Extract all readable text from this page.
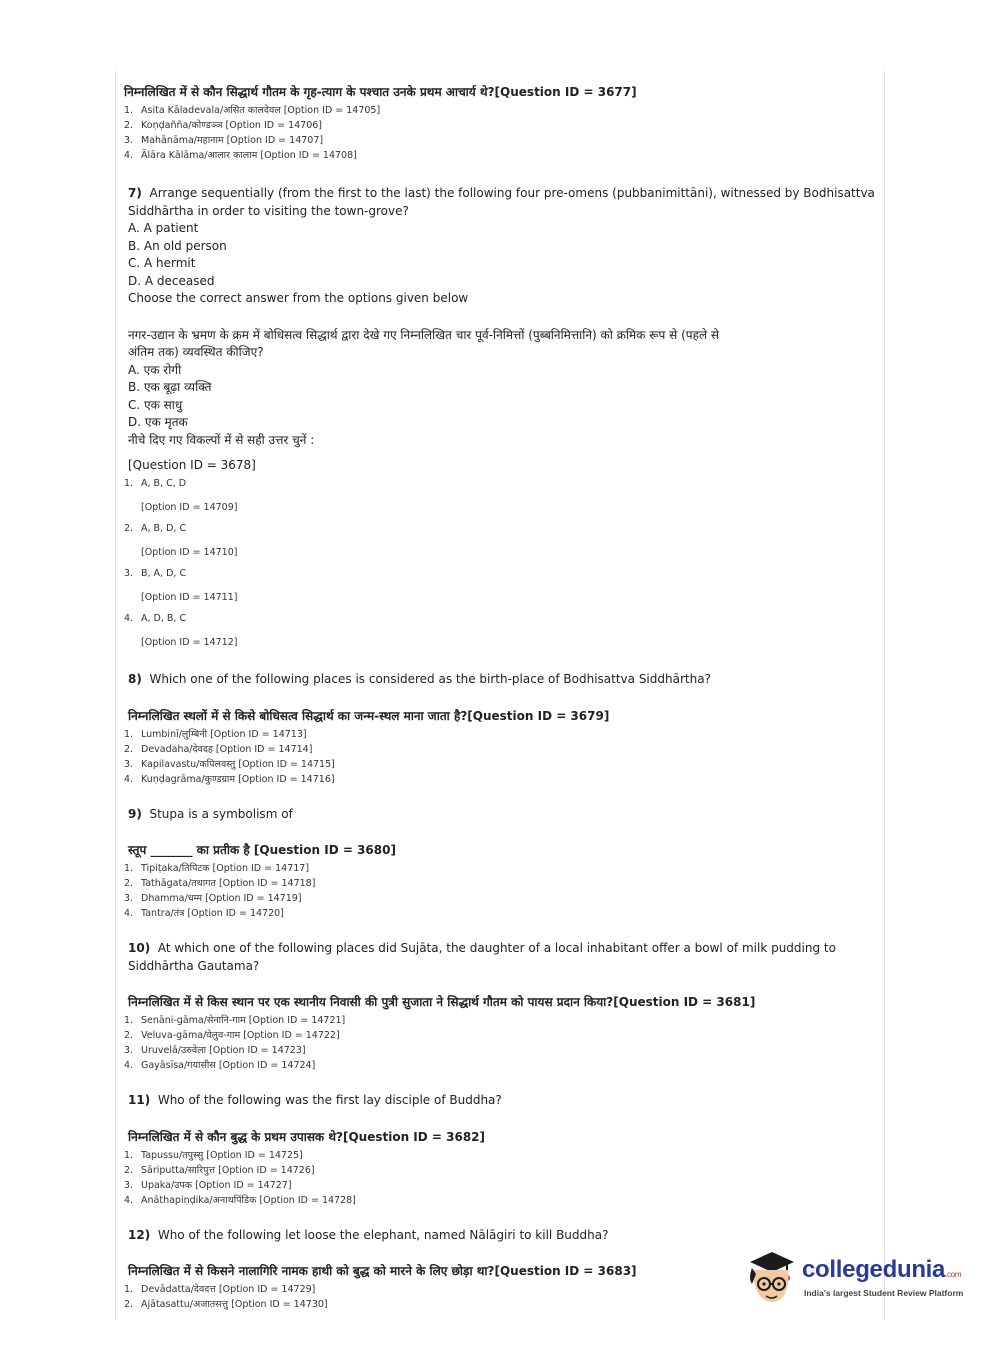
निम्नलिखित में से कौन सिद्धार्थ गौतम के गृह-त्याग के पश्चात उनके प्रथम आचार्य थे?[Question ID = 3677]
1. Asita Kāladevala/असित कालदेवल [Option ID = 14705]
2. Koṇḍañña/कोण्डञ्ञ [Option ID = 14706]
3. Mahānāma/महानाम [Option ID = 14707]
4. Ālāra Kālāma/आलार कालाम [Option ID = 14708]
7) Arrange sequentially (from the first to the last) the following four pre-omens (pubbanimittāni), witnessed by Bodhisattva
Siddhārtha in order to visiting the town-grove?
A. A patient
B. An old person
C. A hermit
D. A deceased
Choose the correct answer from the options given below
नगर-उद्यान के भ्रमण के क्रम में बोधिसत्व सिद्धार्थ द्वारा देखे गए निम्नलिखित चार पूर्व-निमित्तों (पुब्बनिमित्तानि) को क्रमिक रूप से (पहले से
अंतिम तक) व्यवस्थित कीजिए?
A. एक रोगी
B. एक बूढ़ा व्यक्ति
C. एक साधु
D. एक मृतक
नीचे दिए गए विकल्पों में से सही उत्तर चुनें :
[Question ID = 3678]
1. A, B, C, D
[Option ID = 14709]
2. A, B, D, C
[Option ID = 14710]
3. B, A, D, C
[Option ID = 14711]
4. A, D, B, C
[Option ID = 14712]
8) Which one of the following places is considered as the birth-place of Bodhisattva Siddhārtha?
निम्नलिखित स्थलों में से किसे बोधिसत्व सिद्धार्थ का जन्म-स्थल माना जाता है?[Question ID = 3679]
1. Lumbinī/लुम्बिनी [Option ID = 14713]
2. Devadaha/देवदह [Option ID = 14714]
3. Kapilavastu/कपिलवस्तु [Option ID = 14715]
4. Kuṇḍagrāma/कुण्डग्राम [Option ID = 14716]
9) Stupa is a symbolism of
स्तूप _______ का प्रतीक है [Question ID = 3680]
1. Tipiṭaka/तिपिटक [Option ID = 14717]
2. Tathāgata/तथागत [Option ID = 14718]
3. Dhamma/धम्म [Option ID = 14719]
4. Tantra/तंत्र [Option ID = 14720]
10) At which one of the following places did Sujāta, the daughter of a local inhabitant offer a bowl of milk pudding to
Siddhārtha Gautama?
निम्नलिखित में से किस स्थान पर एक स्थानीय निवासी की पुत्री सुजाता ने सिद्धार्थ गौतम को पायस प्रदान किया?[Question ID = 3681]
1. Senāni-gāma/सेनानि-गाम [Option ID = 14721]
2. Veluva-gāma/वेलुव-गाम [Option ID = 14722]
3. Uruvelā/उरुवेला [Option ID = 14723]
4. Gayāsīsa/गयासीस [Option ID = 14724]
11) Who of the following was the first lay disciple of Buddha?
निम्नलिखित में से कौन बुद्ध के प्रथम उपासक थे?[Question ID = 3682]
1. Tapussu/तपुस्सु [Option ID = 14725]
2. Sāriputta/सारिपुत्त [Option ID = 14726]
3. Upaka/उपक [Option ID = 14727]
4. Anāthapiṇḍika/अनाथपिंडिक [Option ID = 14728]
12) Who of the following let loose the elephant, named Nālāgiri to kill Buddha?
निम्नलिखित में से किसने नालागिरि नामक हाथी को बुद्ध को मारने के लिए छोड़ा था?[Question ID = 3683]
1. Devādatta/देवदत्त [Option ID = 14729]
2. Ajātasattu/अजातसत्तु [Option ID = 14730]
collegedunia.com
India's largest Student Review Platform
